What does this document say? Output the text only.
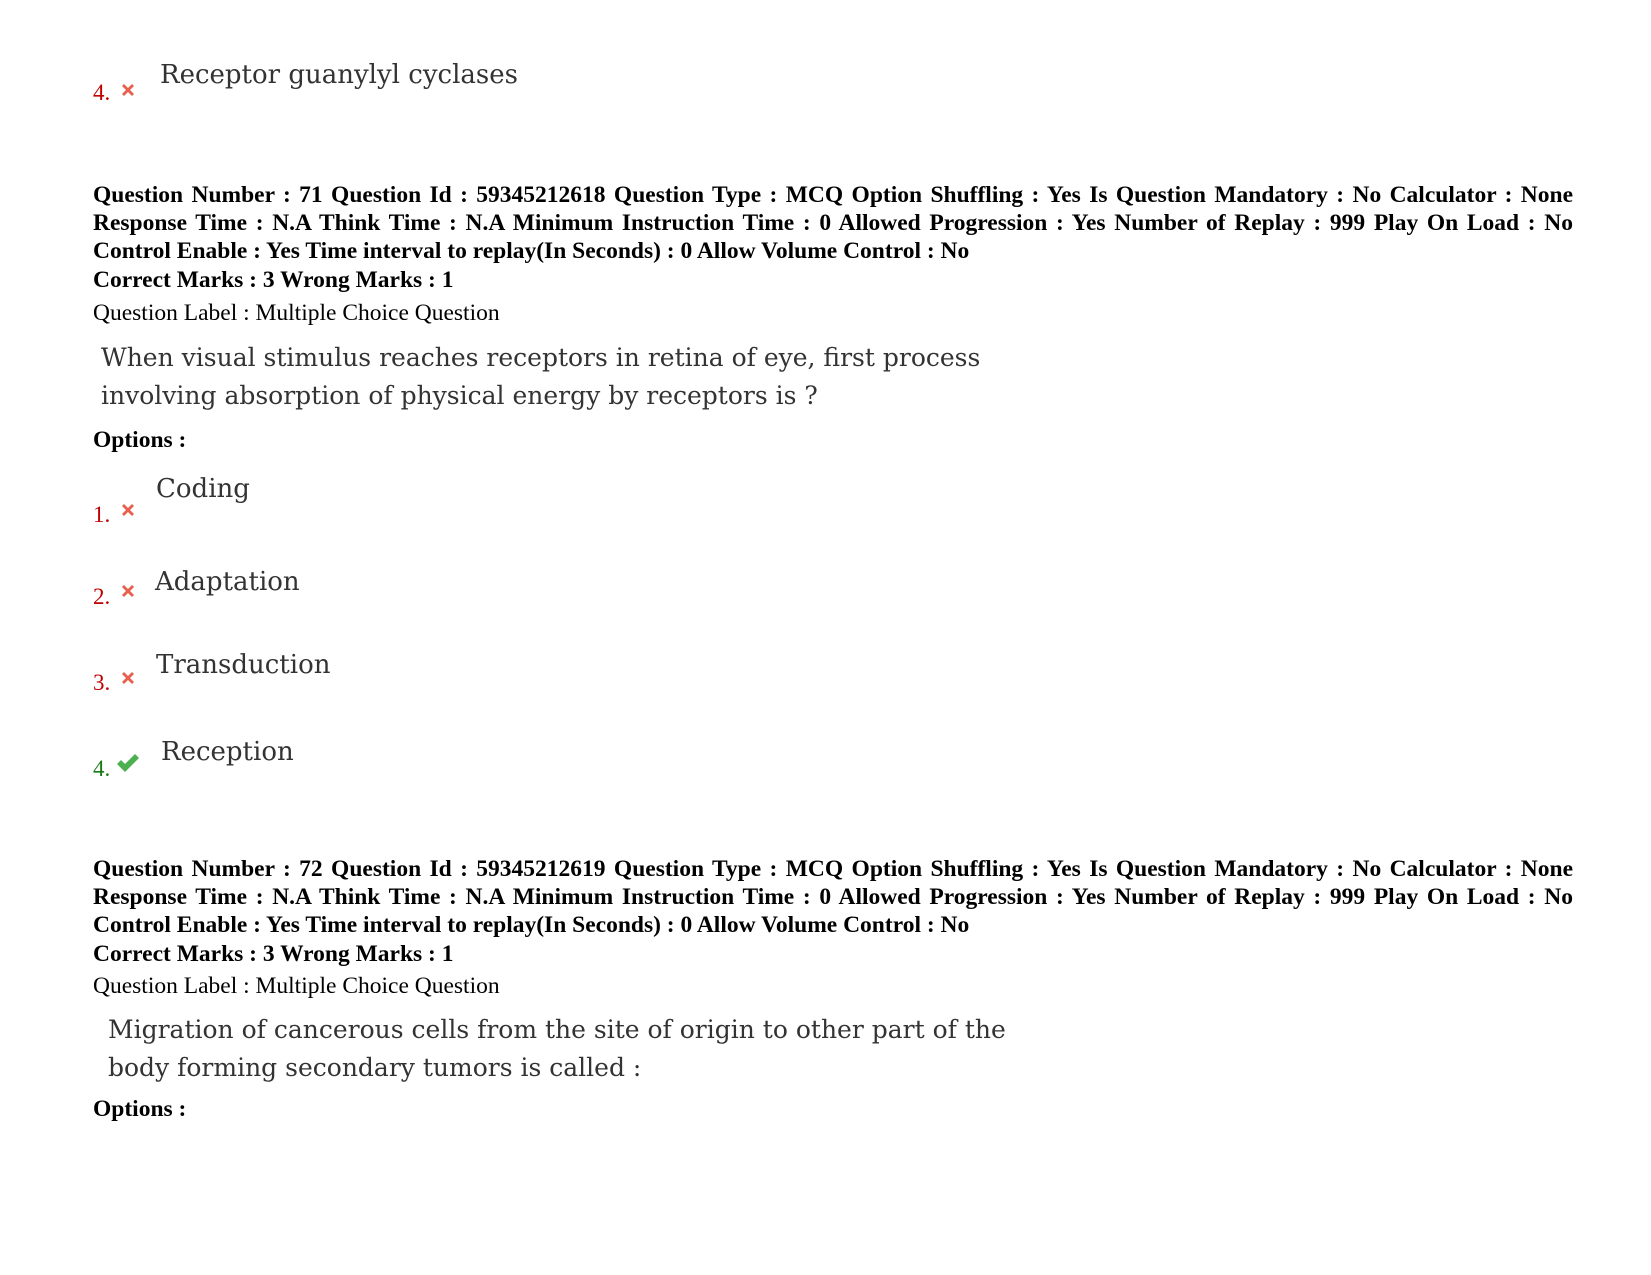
4.
Receptor guanylyl cyclases
Question Number : 71 Question Id : 59345212618 Question Type : MCQ Option Shuffling : Yes Is Question Mandatory : No Calculator : None Response Time : N.A Think Time : N.A Minimum Instruction Time : 0 Allowed Progression : Yes Number of Replay : 999 Play On Load : No Control Enable : Yes Time interval to replay(In Seconds) : 0 Allow Volume Control : No
Correct Marks : 3 Wrong Marks : 1
Question Label : Multiple Choice Question
When visual stimulus reaches receptors in retina of eye, first process
involving absorption of physical energy by receptors is ?
Options :
1.
Coding
2. Adaptation
3.
Transduction
4.
Reception
Question Number : 72 Question Id : 59345212619 Question Type : MCQ Option Shuffling : Yes Is Question Mandatory : No Calculator : None Response Time : N.A Think Time : N.A Minimum Instruction Time : 0 Allowed Progression : Yes Number of Replay : 999 Play On Load : No Control Enable : Yes Time interval to replay(In Seconds) : 0 Allow Volume Control : No
Correct Marks : 3 Wrong Marks : 1
Question Label : Multiple Choice Question
Migration of cancerous cells from the site of origin to other part of the
body forming secondary tumors is called :
Options :
